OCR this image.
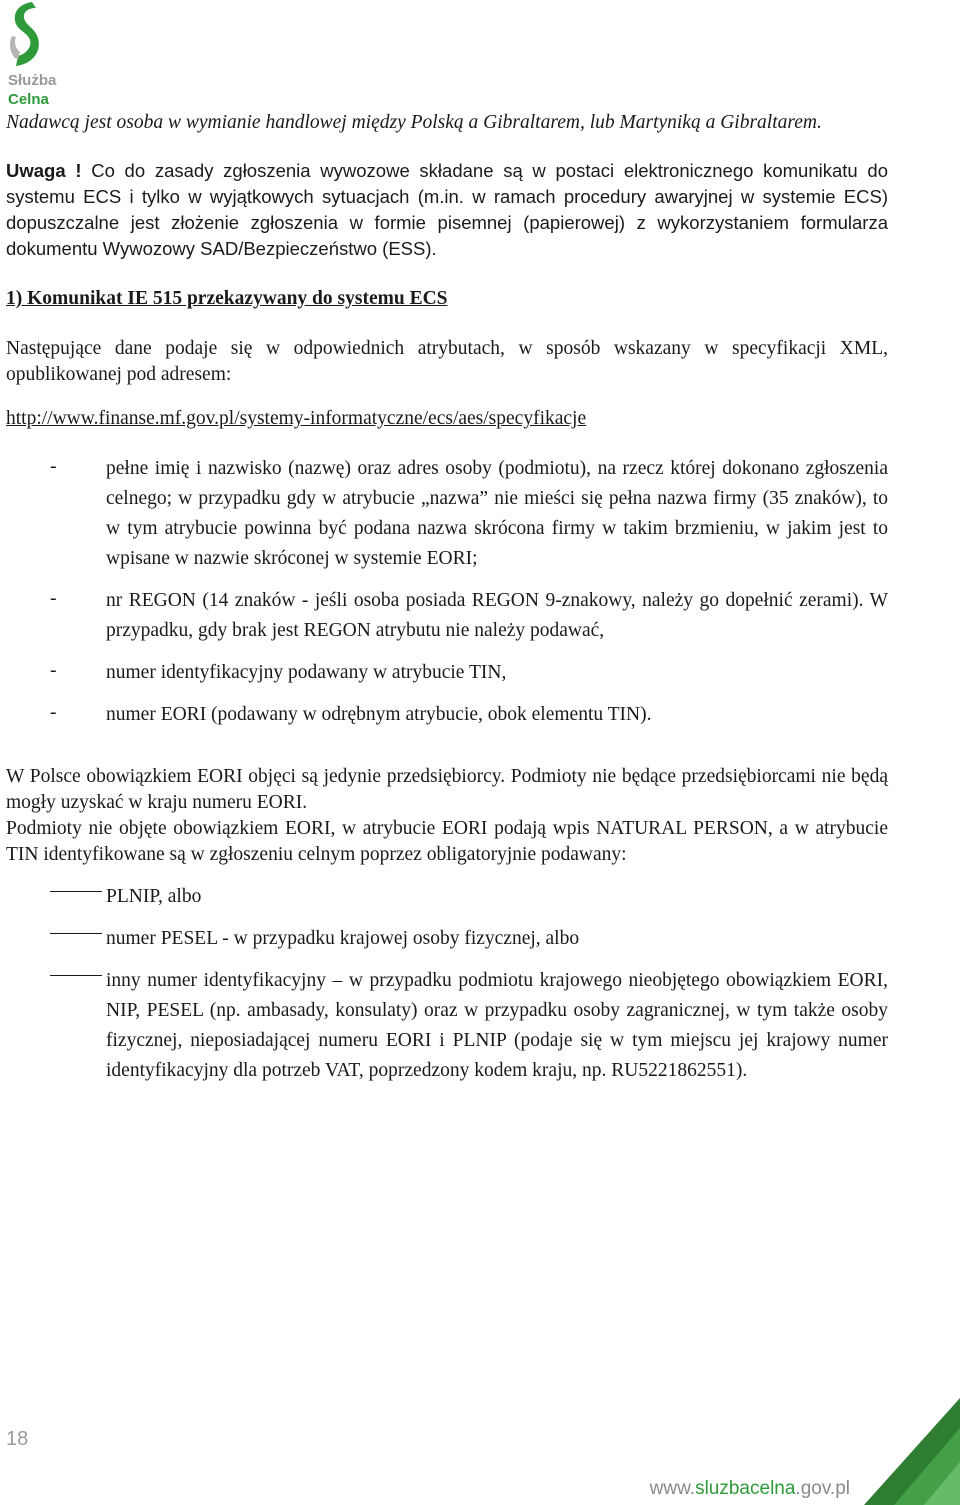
Służba
Celna

Nadawcą jest osoba w wymianie handlowej między Polską a Gibraltarem, lub Martyniką a Gibraltarem.

Uwaga ! Co do zasady zgłoszenia wywozowe składane są w postaci elektronicznego komunikatu do systemu ECS i tylko w wyjątkowych sytuacjach (m.in. w ramach procedury awaryjnej w systemie ECS) dopuszczalne jest złożenie zgłoszenia w formie pisemnej (papierowej) z wykorzystaniem formularza dokumentu Wywozowy SAD/Bezpieczeństwo (ESS).

1) Komunikat IE 515 przekazywany do systemu ECS

Następujące dane podaje się w odpowiednich atrybutach, w sposób wskazany w specyfikacji XML, opublikowanej pod adresem:

http://www.finanse.mf.gov.pl/systemy-informatyczne/ecs/aes/specyfikacje

-	pełne imię i nazwisko (nazwę) oraz adres osoby (podmiotu), na rzecz której dokonano zgłoszenia celnego; w przypadku gdy w atrybucie „nazwa” nie mieści się pełna nazwa firmy (35 znaków), to w tym atrybucie powinna być podana nazwa skrócona firmy w takim brzmieniu, w jakim jest to wpisane w nazwie skróconej w systemie EORI;
-	nr REGON (14 znaków - jeśli osoba posiada REGON 9-znakowy, należy go dopełnić zerami). W przypadku, gdy brak jest REGON atrybutu nie należy podawać,
-	numer identyfikacyjny podawany w atrybucie TIN,
-	numer EORI (podawany w odrębnym atrybucie, obok elementu TIN).

W Polsce obowiązkiem EORI objęci są jedynie przedsiębiorcy. Podmioty nie będące przedsiębiorcami nie będą mogły uzyskać w kraju numeru EORI.

Podmioty nie objęte obowiązkiem EORI, w atrybucie EORI podają wpis NATURAL PERSON, a w atrybucie TIN identyfikowane są w zgłoszeniu celnym poprzez obligatoryjnie podawany:

PLNIP, albo
numer PESEL - w przypadku krajowej osoby fizycznej, albo
inny numer identyfikacyjny – w przypadku podmiotu krajowego nieobjętego obowiązkiem EORI, NIP, PESEL (np. ambasady, konsulaty) oraz w przypadku osoby zagranicznej, w tym także osoby fizycznej, nieposiadającej numeru EORI i PLNIP (podaje się w tym miejscu jej krajowy numer identyfikacyjny dla potrzeb VAT, poprzedzony kodem kraju, np. RU5221862551).
18
www.sluzbacelna.gov.pl
